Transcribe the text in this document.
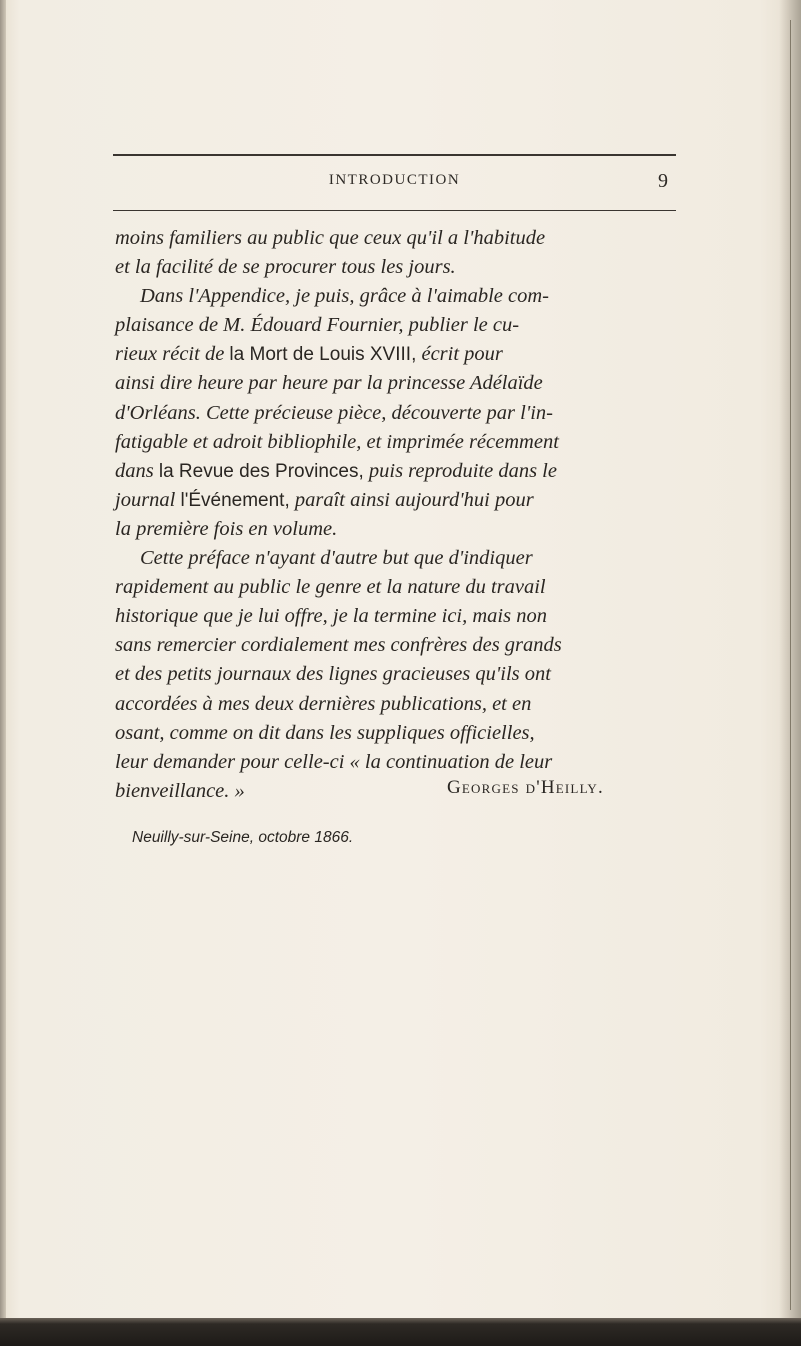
INTRODUCTION	9
moins familiers au public que ceux qu'il a l'habitude
et la facilité de se procurer tous les jours.
Dans l'Appendice, je puis, grâce à l'aimable com-
plaisance de M. Édouard Fournier, publier le cu-
rieux récit de la Mort de Louis XVIII, écrit pour
ainsi dire heure par heure par la princesse Adélaïde
d'Orléans. Cette précieuse pièce, découverte par l'in-
fatigable et adroit bibliophile, et imprimée récemment
dans la Revue des Provinces, puis reproduite dans le
journal l'Événement, paraît ainsi aujourd'hui pour
la première fois en volume.
Cette préface n'ayant d'autre but que d'indiquer
rapidement au public le genre et la nature du travail
historique que je lui offre, je la termine ici, mais non
sans remercier cordialement mes confrères des grands
et des petits journaux des lignes gracieuses qu'ils ont
accordées à mes deux dernières publications, et en
osant, comme on dit dans les suppliques officielles,
leur demander pour celle-ci « la continuation de leur
bienveillance. »	Georges d'Heilly.
Neuilly-sur-Seine, octobre 1866.
